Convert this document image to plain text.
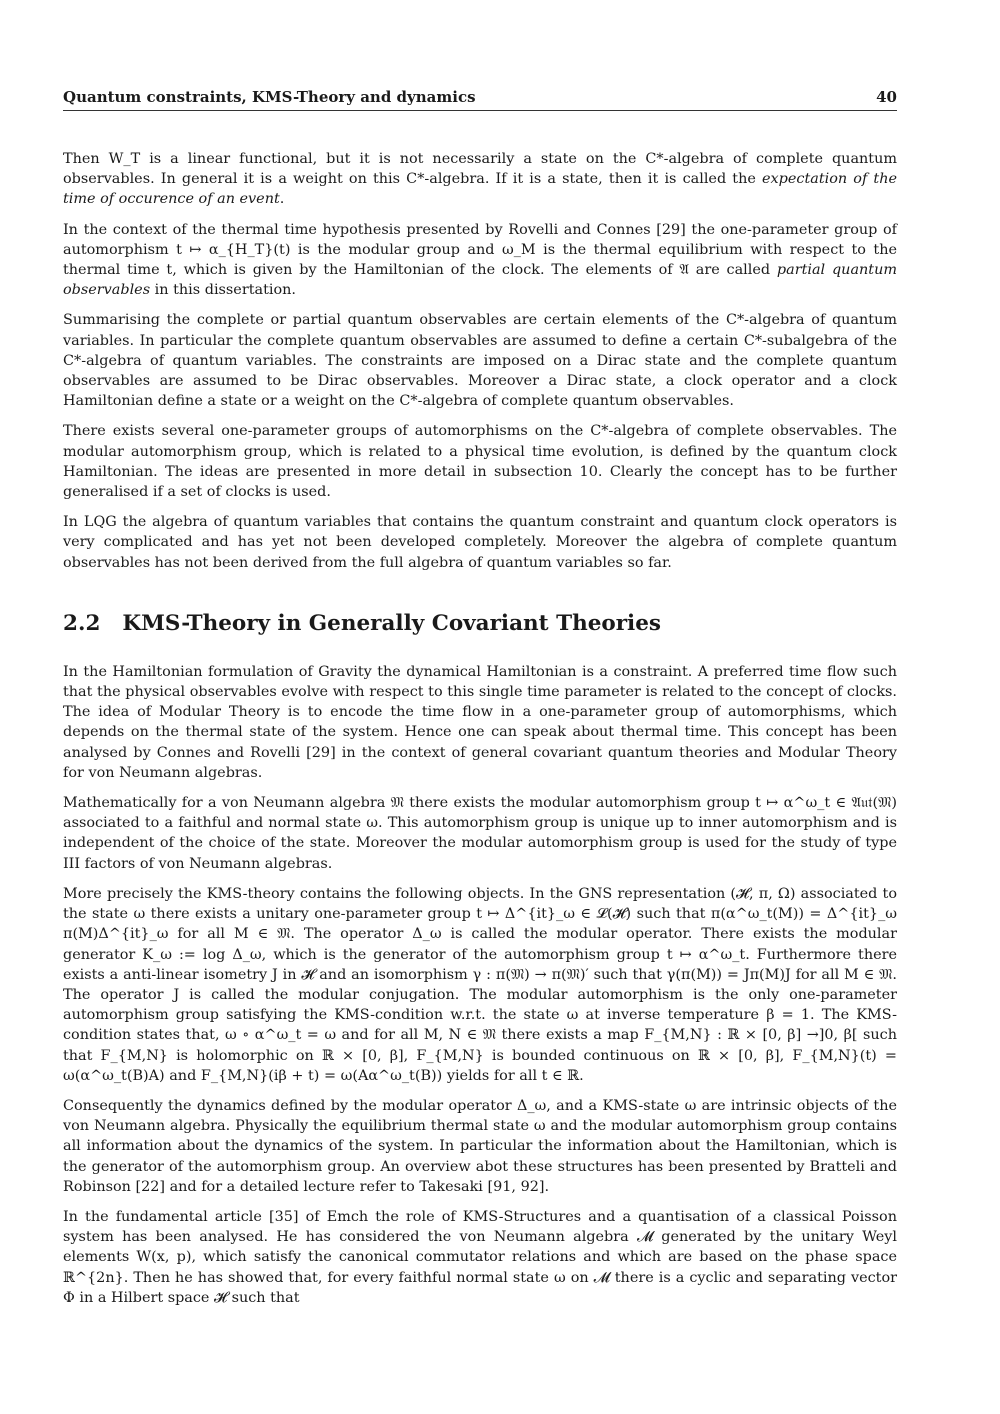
Quantum constraints, KMS-Theory and dynamics	40

Then W_T is a linear functional, but it is not necessarily a state on the C*-algebra of complete quantum observables. In general it is a weight on this C*-algebra. If it is a state, then it is called the expectation of the time of occurence of an event.

In the context of the thermal time hypothesis presented by Rovelli and Connes [29] the one-parameter group of automorphism t ↦ α_{H_T}(t) is the modular group and ω_M is the thermal equilibrium with respect to the thermal time t, which is given by the Hamiltonian of the clock. The elements of 𝔄 are called partial quantum observables in this dissertation.

Summarising the complete or partial quantum observables are certain elements of the C*-algebra of quantum variables. In particular the complete quantum observables are assumed to define a certain C*-subalgebra of the C*-algebra of quantum variables. The constraints are imposed on a Dirac state and the complete quantum observables are assumed to be Dirac observables. Moreover a Dirac state, a clock operator and a clock Hamiltonian define a state or a weight on the C*-algebra of complete quantum observables.

There exists several one-parameter groups of automorphisms on the C*-algebra of complete observables. The modular automorphism group, which is related to a physical time evolution, is defined by the quantum clock Hamiltonian. The ideas are presented in more detail in subsection 10. Clearly the concept has to be further generalised if a set of clocks is used.

In LQG the algebra of quantum variables that contains the quantum constraint and quantum clock operators is very complicated and has yet not been developed completely. Moreover the algebra of complete quantum observables has not been derived from the full algebra of quantum variables so far.

2.2 KMS-Theory in Generally Covariant Theories

In the Hamiltonian formulation of Gravity the dynamical Hamiltonian is a constraint. A preferred time flow such that the physical observables evolve with respect to this single time parameter is related to the concept of clocks. The idea of Modular Theory is to encode the time flow in a one-parameter group of automorphisms, which depends on the thermal state of the system. Hence one can speak about thermal time. This concept has been analysed by Connes and Rovelli [29] in the context of general covariant quantum theories and Modular Theory for von Neumann algebras.

Mathematically for a von Neumann algebra 𝔐 there exists the modular automorphism group t ↦ α^ω_t ∈ 𝔄𝔲𝔱(𝔐) associated to a faithful and normal state ω. This automorphism group is unique up to inner automorphism and is independent of the choice of the state. Moreover the modular automorphism group is used for the study of type III factors of von Neumann algebras.

More precisely the KMS-theory contains the following objects. In the GNS representation (𝓗, π, Ω) associated to the state ω there exists a unitary one-parameter group t ↦ Δ^{it}_ω ∈ 𝓛(𝓗) such that π(α^ω_t(M)) = Δ^{it}_ω π(M)Δ^{it}_ω for all M ∈ 𝔐. The operator Δ_ω is called the modular operator. There exists the modular generator K_ω := log Δ_ω, which is the generator of the automorphism group t ↦ α^ω_t. Furthermore there exists a anti-linear isometry J in 𝓗 and an isomorphism γ : π(𝔐) → π(𝔐)′ such that γ(π(M)) = Jπ(M)J for all M ∈ 𝔐. The operator J is called the modular conjugation. The modular automorphism is the only one-parameter automorphism group satisfying the KMS-condition w.r.t. the state ω at inverse temperature β = 1. The KMS-condition states that, ω ∘ α^ω_t = ω and for all M, N ∈ 𝔐 there exists a map F_{M,N} : ℝ × [0, β] →]0, β[ such that F_{M,N} is holomorphic on ℝ × [0, β], F_{M,N} is bounded continuous on ℝ × [0, β], F_{M,N}(t) = ω(α^ω_t(B)A) and F_{M,N}(iβ + t) = ω(Aα^ω_t(B)) yields for all t ∈ ℝ.

Consequently the dynamics defined by the modular operator Δ_ω, and a KMS-state ω are intrinsic objects of the von Neumann algebra. Physically the equilibrium thermal state ω and the modular automorphism group contains all information about the dynamics of the system. In particular the information about the Hamiltonian, which is the generator of the automorphism group. An overview abot these structures has been presented by Bratteli and Robinson [22] and for a detailed lecture refer to Takesaki [91, 92].

In the fundamental article [35] of Emch the role of KMS-Structures and a quantisation of a classical Poisson system has been analysed. He has considered the von Neumann algebra 𝓜 generated by the unitary Weyl elements W(x, p), which satisfy the canonical commutator relations and which are based on the phase space ℝ^{2n}. Then he has showed that, for every faithful normal state ω on 𝓜 there is a cyclic and separating vector Φ in a Hilbert space 𝓗 such that
